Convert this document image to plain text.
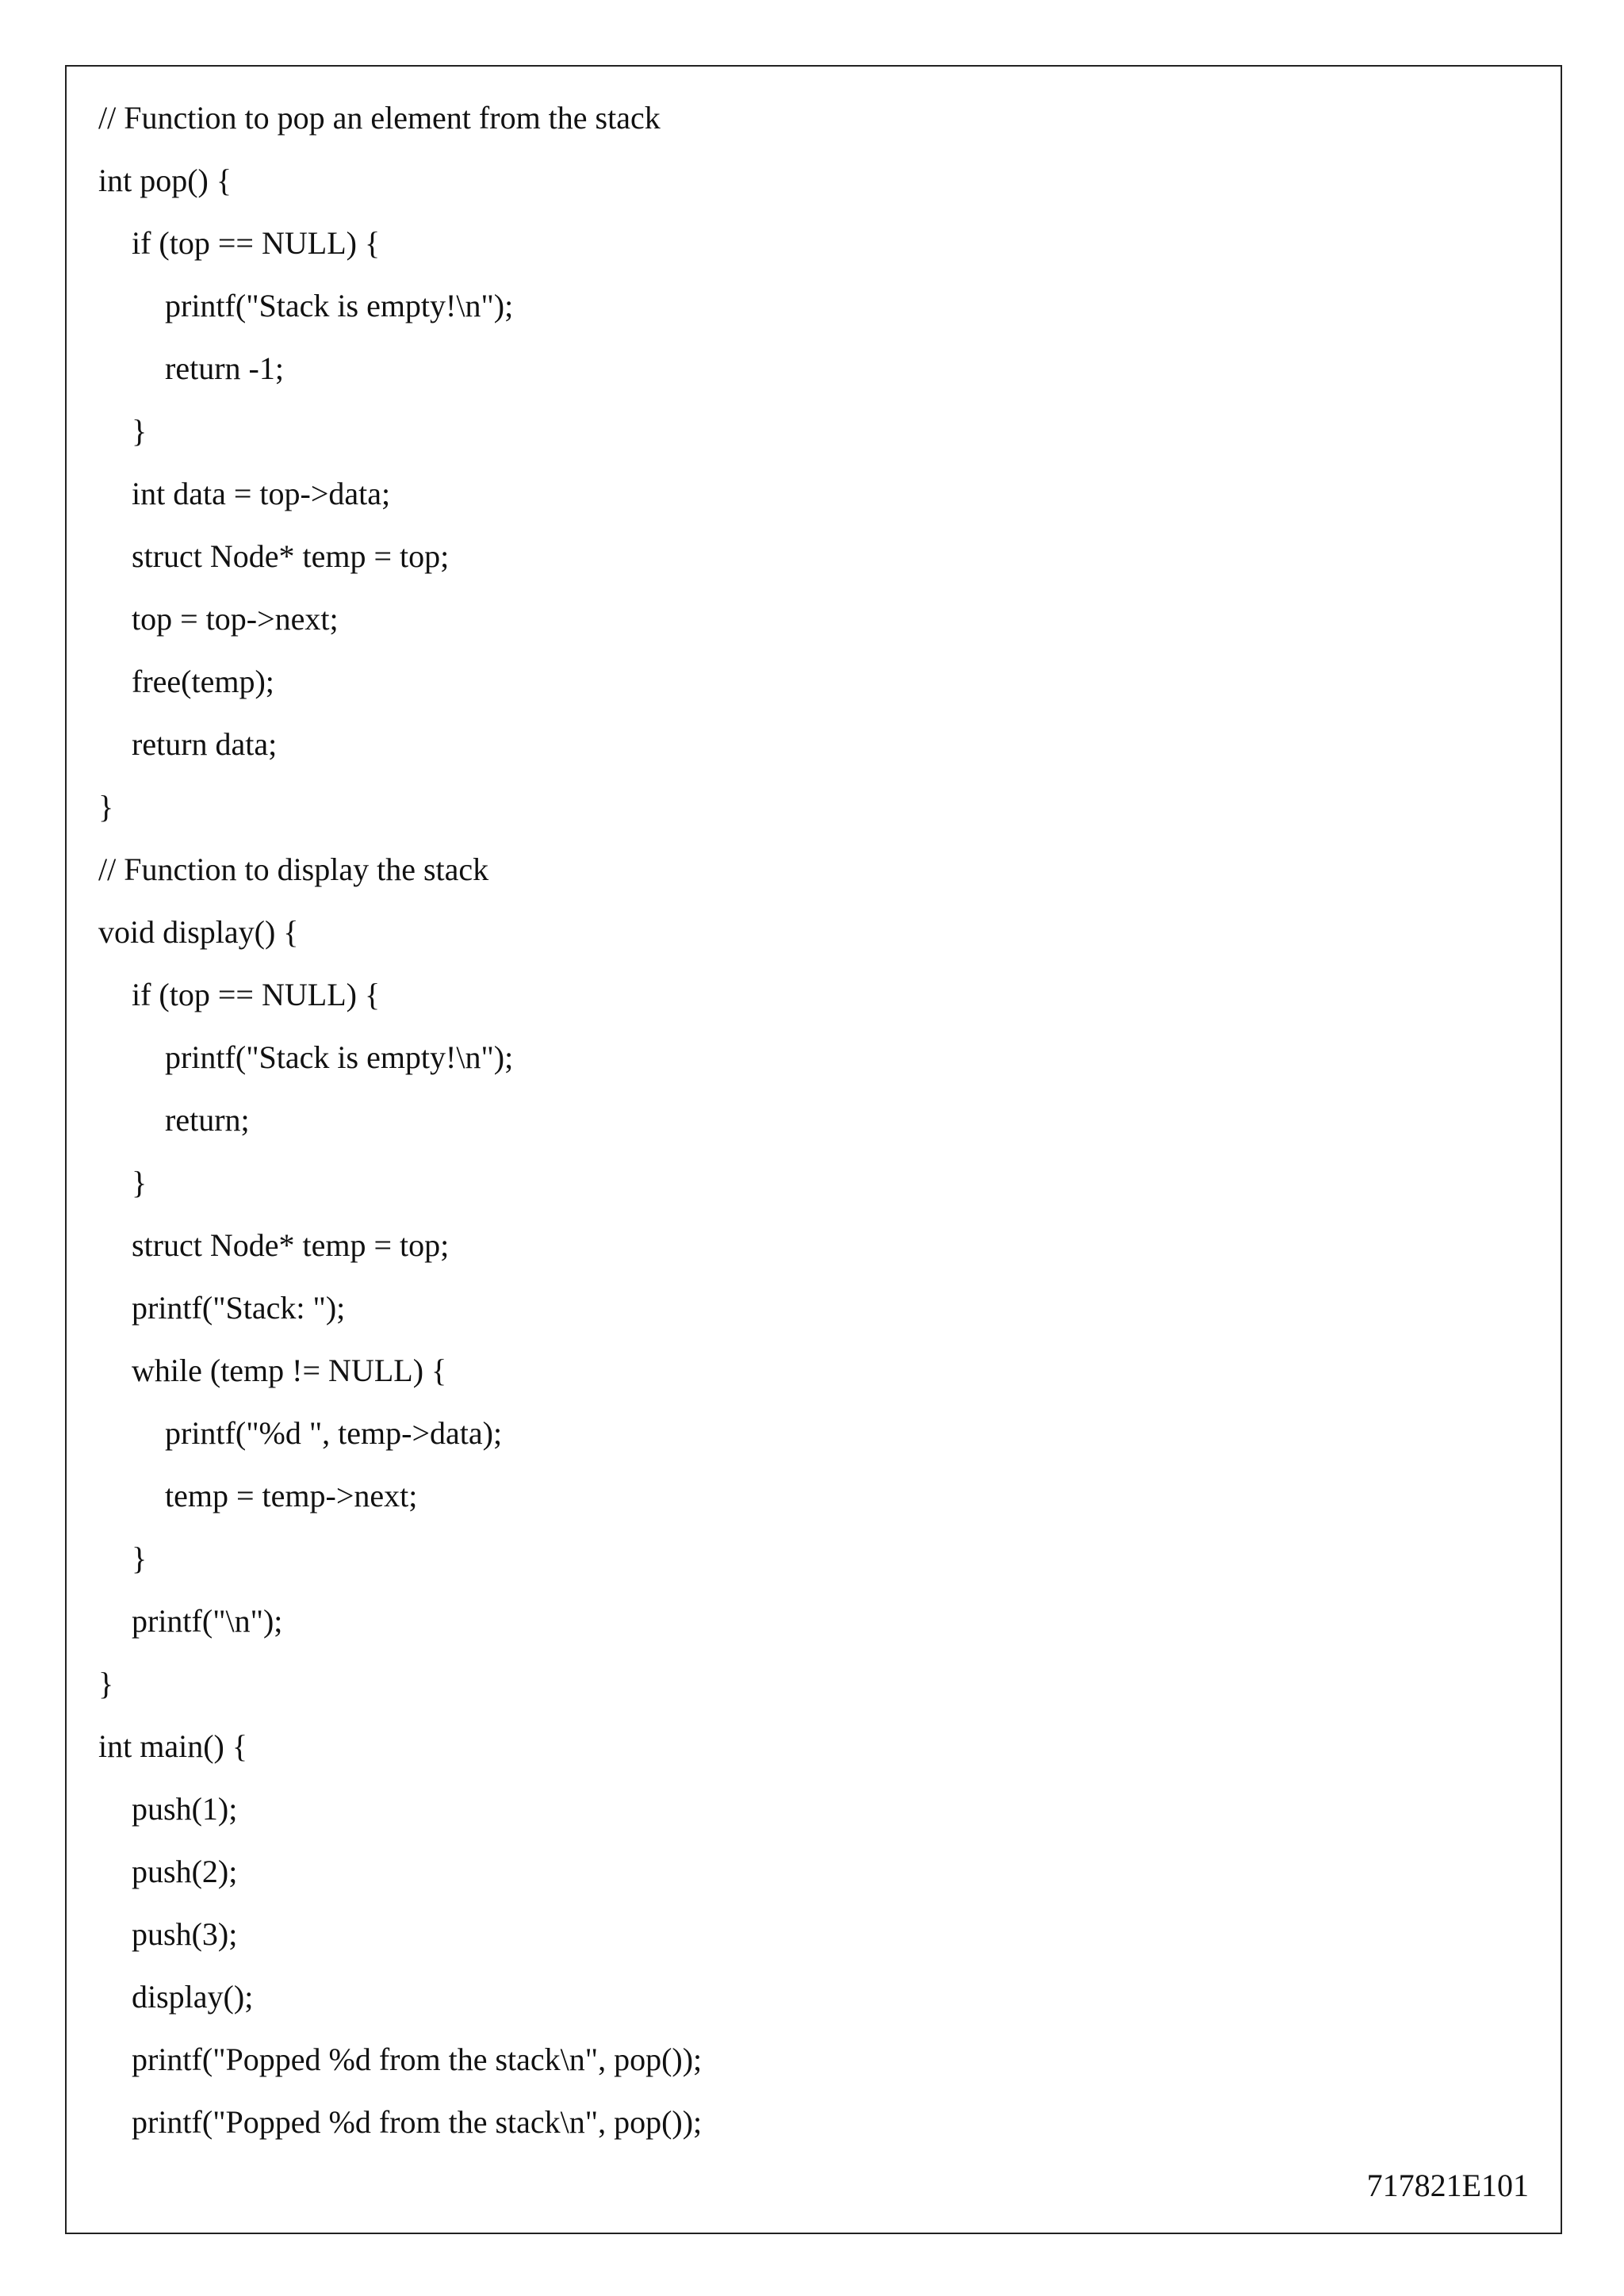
// Function to pop an element from the stack
int pop() {
if (top == NULL) {
printf("Stack is empty!\n");
return -1;
}
int data = top->data;
struct Node* temp = top;
top = top->next;
free(temp);
return data;
}
// Function to display the stack
void display() {
if (top == NULL) {
printf("Stack is empty!\n");
return;
}
struct Node* temp = top;
printf("Stack: ");
while (temp != NULL) {
printf("%d ", temp->data);
temp = temp->next;
}
printf("\n");
}
int main() {
push(1);
push(2);
push(3);
display();
printf("Popped %d from the stack\n", pop());
printf("Popped %d from the stack\n", pop());
717821E101
